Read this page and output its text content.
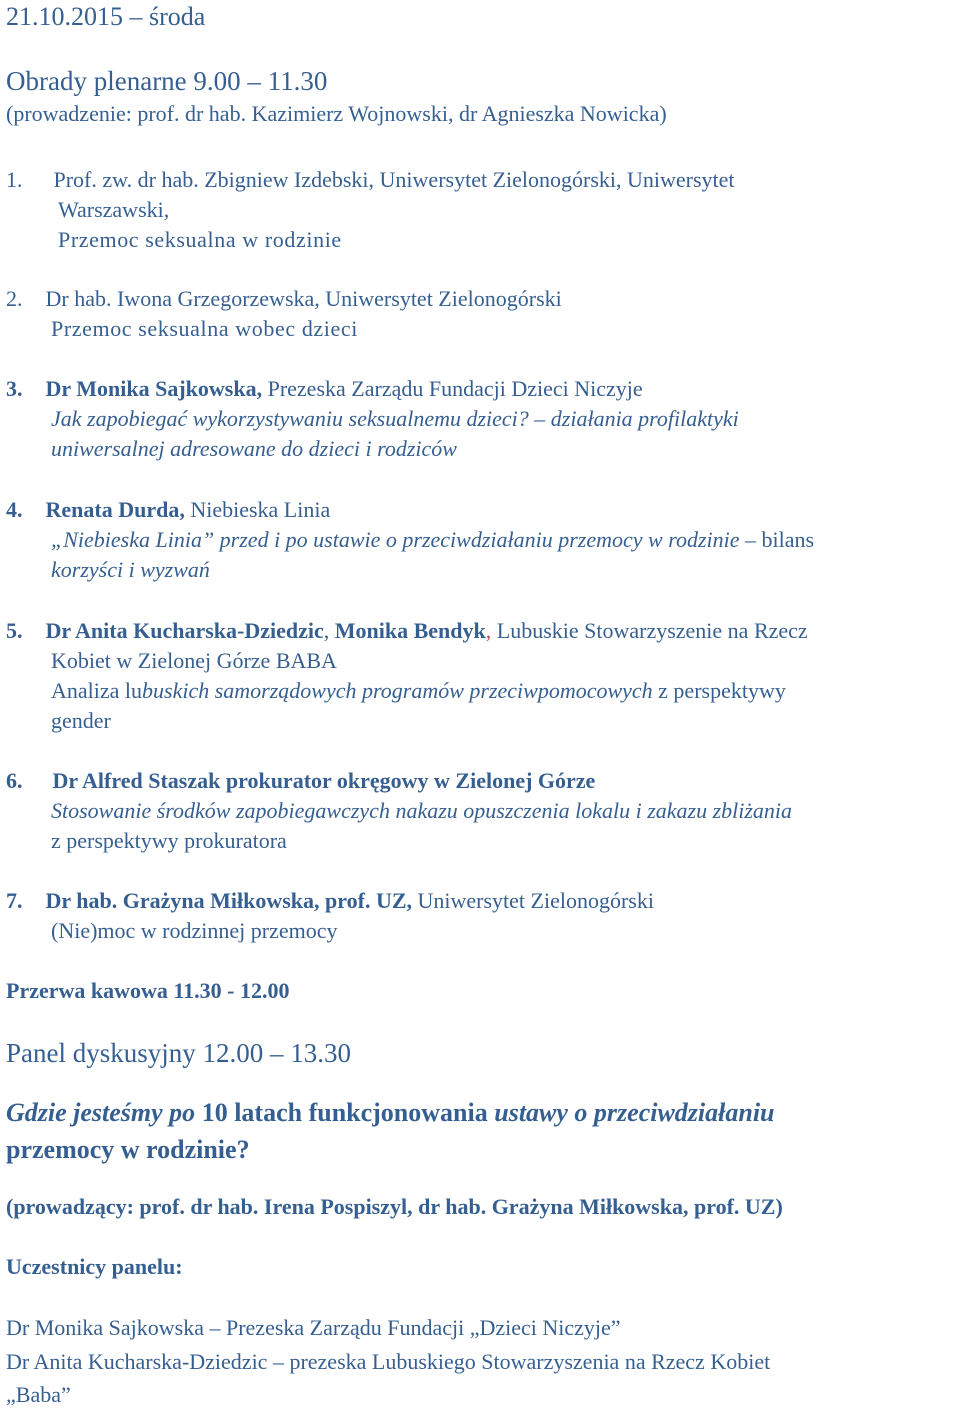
21.10.2015 – środa
Obrady plenarne 9.00 – 11.30
(prowadzenie: prof. dr hab. Kazimierz Wojnowski, dr Agnieszka Nowicka)
1. Prof. zw. dr hab. Zbigniew Izdebski, Uniwersytet Zielonogórski, Uniwersytet
Warszawski,
Przemoc seksualna w rodzinie
2. Dr hab. Iwona Grzegorzewska, Uniwersytet Zielonogórski
Przemoc seksualna wobec dzieci
3. Dr Monika Sajkowska, Prezeska Zarządu Fundacji Dzieci Niczyje
Jak zapobiegać wykorzystywaniu seksualnemu dzieci? – działania profilaktyki
uniwersalnej adresowane do dzieci i rodziców
4. Renata Durda, Niebieska Linia
„Niebieska Linia” przed i po ustawie o przeciwdziałaniu przemocy w rodzinie – bilans
korzyści i wyzwań
5. Dr Anita Kucharska-Dziedzic, Monika Bendyk, Lubuskie Stowarzyszenie na Rzecz
Kobiet w Zielonej Górze BABA
Analiza lubuskich samorządowych programów przeciwpomocowych z perspektywy
gender
6. Dr Alfred Staszak prokurator okręgowy w Zielonej Górze
Stosowanie środków zapobiegawczych nakazu opuszczenia lokalu i zakazu zbliżania
z perspektywy prokuratora
7. Dr hab. Grażyna Miłkowska, prof. UZ, Uniwersytet Zielonogórski
(Nie)moc w rodzinnej przemocy
Przerwa kawowa 11.30 - 12.00
Panel dyskusyjny 12.00 – 13.30
Gdzie jesteśmy po 10 latach funkcjonowania ustawy o przeciwdziałaniu
przemocy w rodzinie?
(prowadzący: prof. dr hab. Irena Pospiszyl, dr hab. Grażyna Miłkowska, prof. UZ)
Uczestnicy panelu:
Dr Monika Sajkowska – Prezeska Zarządu Fundacji „Dzieci Niczyje”
Dr Anita Kucharska-Dziedzic – prezeska Lubuskiego Stowarzyszenia na Rzecz Kobiet
„Baba”
